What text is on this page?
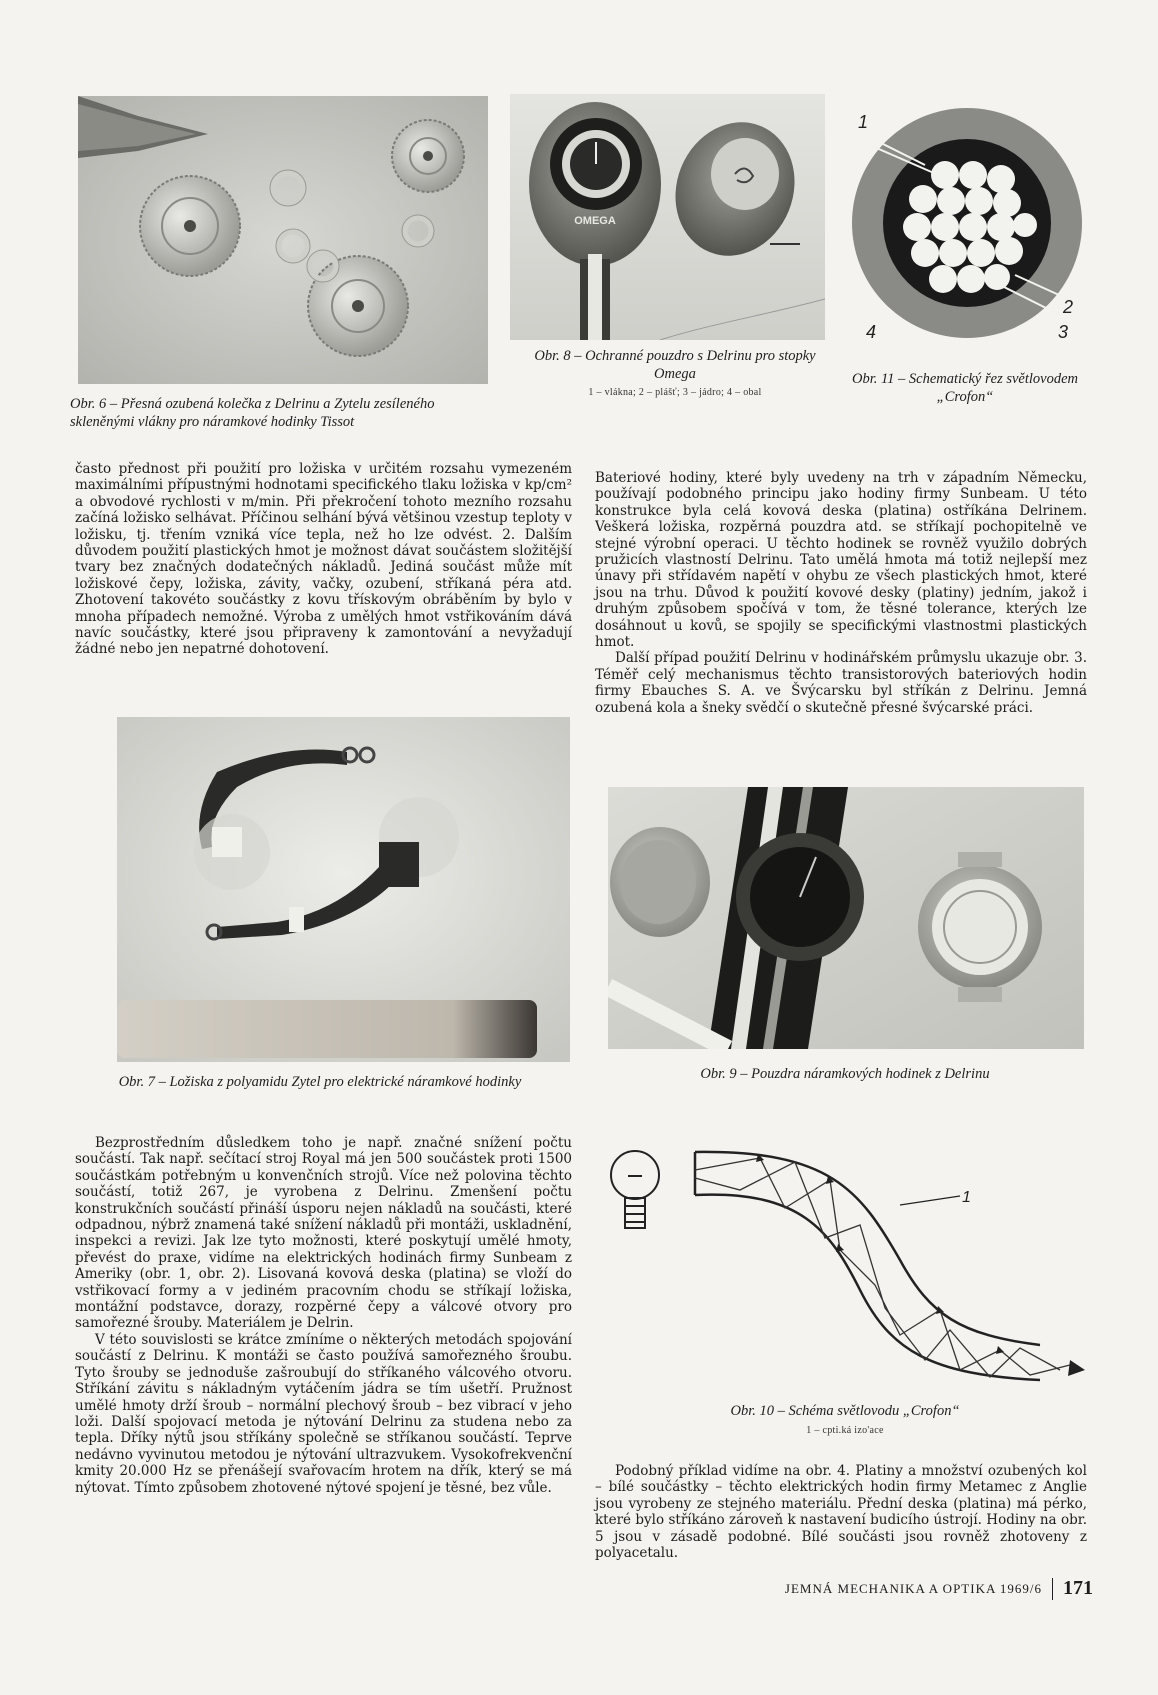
Obr. 6 – Přesná ozubená kolečka z Delrinu a Zytelu zesíleného skleněnými vlákny pro náramkové hodinky Tissot

OMEGA

Obr. 8 – Ochranné pouzdro s Delrinu pro stopky Omega

1 – vlákna; 2 – plášť; 3 – jádro; 4 – obal

1
2
3
4

Obr. 11 – Schematický řez světlovodem „Crofon“

často přednost při použití pro ložiska v určitém rozsahu vymezeném maximálními přípustnými hodnotami specifického tlaku ložiska v kp/cm² a obvodové rychlosti v m/min. Při překročení tohoto mezního rozsahu začíná ložisko selhávat. Příčinou selhání bývá většinou vzestup teploty v ložisku, tj. třením vzniká více tepla, než ho lze odvést. 2. Dalším důvodem použití plastických hmot je možnost dávat součástem složitější tvary bez značných dodatečných nákladů. Jediná součást může mít ložiskové čepy, ložiska, závity, vačky, ozubení, stříkaná péra atd. Zhotovení takovéto součástky z kovu třískovým obráběním by bylo v mnoha případech nemožné. Výroba z umělých hmot vstřikováním dává navíc součástky, které jsou připraveny k zamontování a nevyžadují žádné nebo jen nepatrné dohotovení.

Bateriové hodiny, které byly uvedeny na trh v západním Německu, používají podobného principu jako hodiny firmy Sunbeam. U této konstrukce byla celá kovová deska (platina) ostříkána Delrinem. Veškerá ložiska, rozpěrná pouzdra atd. se stříkají pochopitelně ve stejné výrobní operaci. U těchto hodinek se rovněž využilo dobrých pružicích vlastností Delrinu. Tato umělá hmota má totiž nejlepší mez únavy při střídavém napětí v ohybu ze všech plastických hmot, které jsou na trhu. Důvod k použití kovové desky (platiny) jedním, jakož i druhým způsobem spočívá v tom, že těsné tolerance, kterých lze dosáhnout u kovů, se spojily se specifickými vlastnostmi plastických hmot.

Další případ použití Delrinu v hodinářském průmyslu ukazuje obr. 3. Téměř celý mechanismus těchto transistorových bateriových hodin firmy Ebauches S. A. ve Švýcarsku byl stříkán z Delrinu. Jemná ozubená kola a šneky svědčí o skutečně přesné švýcarské práci.

Obr. 7 – Ložiska z polyamidu Zytel pro elektrické náramkové hodinky	Obr. 9 – Pouzdra náramkových hodinek z Delrinu

Bezprostředním důsledkem toho je např. značné snížení počtu součástí. Tak např. sečítací stroj Royal má jen 500 součástek proti 1500 součástkám potřebným u konvenčních strojů. Více než polovina těchto součástí, totiž 267, je vyrobena z Delrinu. Zmenšení počtu konstrukčních součástí přináší úsporu nejen nákladů na součásti, které odpadnou, nýbrž znamená také snížení nákladů při montáži, uskladnění, inspekci a revizi. Jak lze tyto možnosti, které poskytují umělé hmoty, převést do praxe, vidíme na elektrických hodinách firmy Sunbeam z Ameriky (obr. 1, obr. 2). Lisovaná kovová deska (platina) se vloží do vstřikovací formy a v jediném pracovním chodu se stříkají ložiska, montážní podstavce, dorazy, rozpěrné čepy a válcové otvory pro samořezné šrouby. Materiálem je Delrin.

V této souvislosti se krátce zmíníme o některých metodách spojování součástí z Delrinu. K montáži se často používá samořezného šroubu. Tyto šrouby se jednoduše zašroubují do stříkaného válcového otvoru. Stříkání závitu s nákladným vytáčením jádra se tím ušetří. Pružnost umělé hmoty drží šroub – normální plechový šroub – bez vibrací v jeho loži. Další spojovací metoda je nýtování Delrinu za studena nebo za tepla. Dříky nýtů jsou stříkány společně se stříkanou součástí. Teprve nedávno vyvinutou metodou je nýtování ultrazvukem. Vysokofrekvenční kmity 20.000 Hz se přenášejí svařovacím hrotem na dřík, který se má nýtovat. Tímto způsobem zhotovené nýtové spojení je těsné, bez vůle.

1

Obr. 10 – Schéma světlovodu „Crofon“

1 – cpti.ká izo'ace

Podobný příklad vidíme na obr. 4. Platiny a množství ozubených kol – bílé součástky – těchto elektrických hodin firmy Metamec z Anglie jsou vyrobeny ze stejného materiálu. Přední deska (platina) má pérko, které bylo stříkáno zároveň k nastavení budicího ústrojí. Hodiny na obr. 5 jsou v zásadě podobné. Bílé součásti jsou rovněž zhotoveny z polyacetalu.

JEMNÁ MECHANIKA A OPTIKA 1969/6 171
